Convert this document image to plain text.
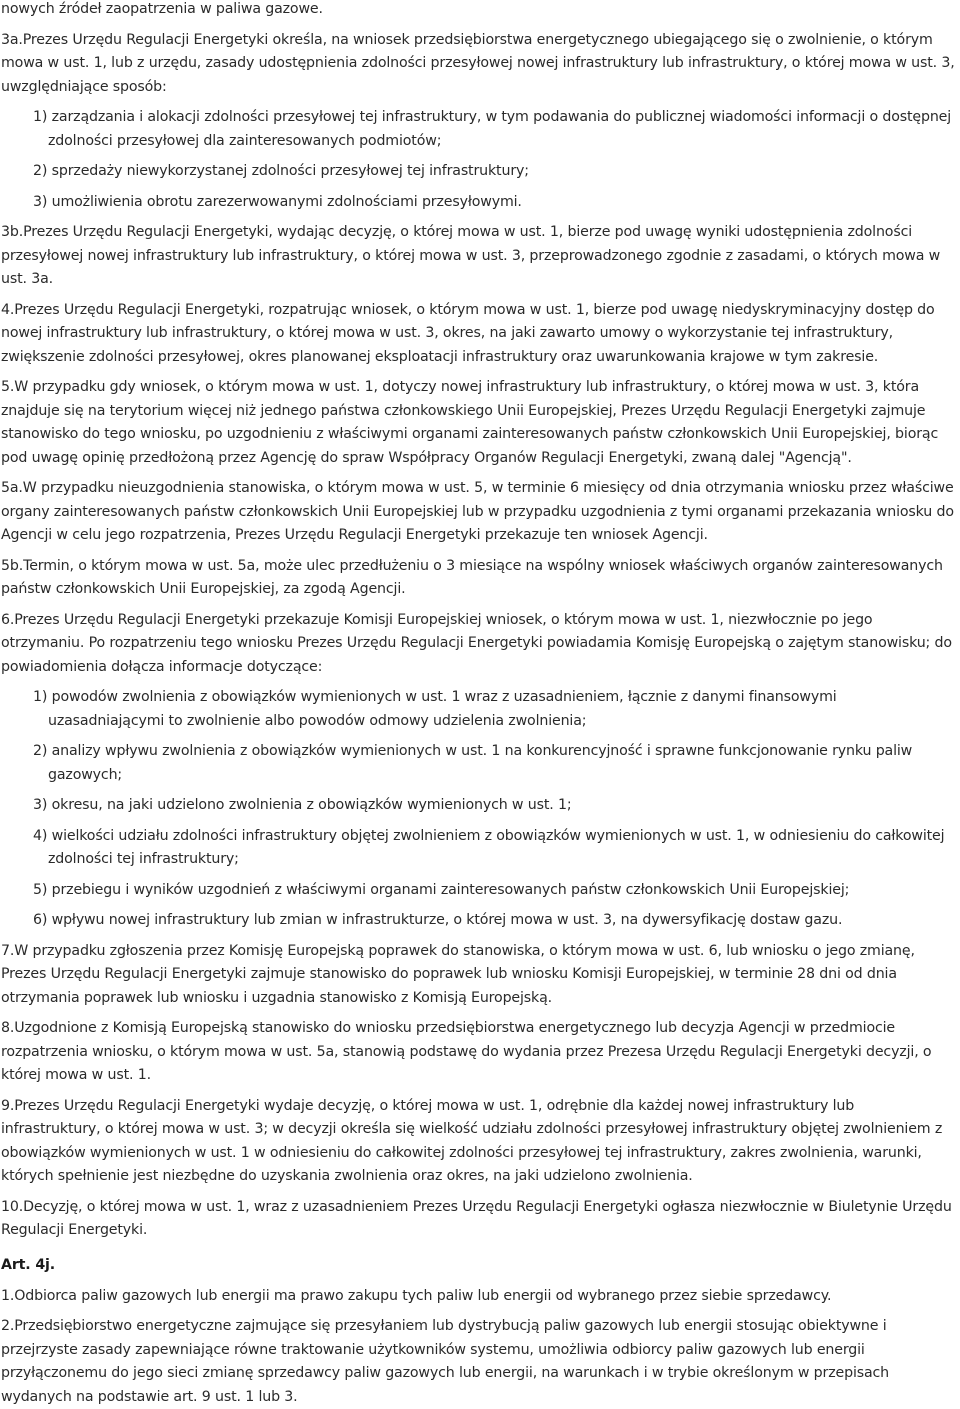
nowych źródeł zaopatrzenia w paliwa gazowe.

3a.Prezes Urzędu Regulacji Energetyki określa, na wniosek przedsiębiorstwa energetycznego ubiegającego się o zwolnienie, o którym mowa w ust. 1, lub z urzędu, zasady udostępnienia zdolności przesyłowej nowej infrastruktury lub infrastruktury, o której mowa w ust. 3, uwzględniające sposób:

1) zarządzania i alokacji zdolności przesyłowej tej infrastruktury, w tym podawania do publicznej wiadomości informacji o dostępnej zdolności przesyłowej dla zainteresowanych podmiotów;

2) sprzedaży niewykorzystanej zdolności przesyłowej tej infrastruktury;

3) umożliwienia obrotu zarezerwowanymi zdolnościami przesyłowymi.

3b.Prezes Urzędu Regulacji Energetyki, wydając decyzję, o której mowa w ust. 1, bierze pod uwagę wyniki udostępnienia zdolności przesyłowej nowej infrastruktury lub infrastruktury, o której mowa w ust. 3, przeprowadzonego zgodnie z zasadami, o których mowa w ust. 3a.

4.Prezes Urzędu Regulacji Energetyki, rozpatrując wniosek, o którym mowa w ust. 1, bierze pod uwagę niedyskryminacyjny dostęp do nowej infrastruktury lub infrastruktury, o której mowa w ust. 3, okres, na jaki zawarto umowy o wykorzystanie tej infrastruktury, zwiększenie zdolności przesyłowej, okres planowanej eksploatacji infrastruktury oraz uwarunkowania krajowe w tym zakresie.

5.W przypadku gdy wniosek, o którym mowa w ust. 1, dotyczy nowej infrastruktury lub infrastruktury, o której mowa w ust. 3, która znajduje się na terytorium więcej niż jednego państwa członkowskiego Unii Europejskiej, Prezes Urzędu Regulacji Energetyki zajmuje stanowisko do tego wniosku, po uzgodnieniu z właściwymi organami zainteresowanych państw członkowskich Unii Europejskiej, biorąc pod uwagę opinię przedłożoną przez Agencję do spraw Współpracy Organów Regulacji Energetyki, zwaną dalej "Agencją".

5a.W przypadku nieuzgodnienia stanowiska, o którym mowa w ust. 5, w terminie 6 miesięcy od dnia otrzymania wniosku przez właściwe organy zainteresowanych państw członkowskich Unii Europejskiej lub w przypadku uzgodnienia z tymi organami przekazania wniosku do Agencji w celu jego rozpatrzenia, Prezes Urzędu Regulacji Energetyki przekazuje ten wniosek Agencji.

5b.Termin, o którym mowa w ust. 5a, może ulec przedłużeniu o 3 miesiące na wspólny wniosek właściwych organów zainteresowanych państw członkowskich Unii Europejskiej, za zgodą Agencji.

6.Prezes Urzędu Regulacji Energetyki przekazuje Komisji Europejskiej wniosek, o którym mowa w ust. 1, niezwłocznie po jego otrzymaniu. Po rozpatrzeniu tego wniosku Prezes Urzędu Regulacji Energetyki powiadamia Komisję Europejską o zajętym stanowisku; do powiadomienia dołącza informacje dotyczące:

1) powodów zwolnienia z obowiązków wymienionych w ust. 1 wraz z uzasadnieniem, łącznie z danymi finansowymi uzasadniającymi to zwolnienie albo powodów odmowy udzielenia zwolnienia;

2) analizy wpływu zwolnienia z obowiązków wymienionych w ust. 1 na konkurencyjność i sprawne funkcjonowanie rynku paliw gazowych;

3) okresu, na jaki udzielono zwolnienia z obowiązków wymienionych w ust. 1;

4) wielkości udziału zdolności infrastruktury objętej zwolnieniem z obowiązków wymienionych w ust. 1, w odniesieniu do całkowitej zdolności tej infrastruktury;

5) przebiegu i wyników uzgodnień z właściwymi organami zainteresowanych państw członkowskich Unii Europejskiej;

6) wpływu nowej infrastruktury lub zmian w infrastrukturze, o której mowa w ust. 3, na dywersyfikację dostaw gazu.

7.W przypadku zgłoszenia przez Komisję Europejską poprawek do stanowiska, o którym mowa w ust. 6, lub wniosku o jego zmianę, Prezes Urzędu Regulacji Energetyki zajmuje stanowisko do poprawek lub wniosku Komisji Europejskiej, w terminie 28 dni od dnia otrzymania poprawek lub wniosku i uzgadnia stanowisko z Komisją Europejską.

8.Uzgodnione z Komisją Europejską stanowisko do wniosku przedsiębiorstwa energetycznego lub decyzja Agencji w przedmiocie rozpatrzenia wniosku, o którym mowa w ust. 5a, stanowią podstawę do wydania przez Prezesa Urzędu Regulacji Energetyki decyzji, o której mowa w ust. 1.

9.Prezes Urzędu Regulacji Energetyki wydaje decyzję, o której mowa w ust. 1, odrębnie dla każdej nowej infrastruktury lub infrastruktury, o której mowa w ust. 3; w decyzji określa się wielkość udziału zdolności przesyłowej infrastruktury objętej zwolnieniem z obowiązków wymienionych w ust. 1 w odniesieniu do całkowitej zdolności przesyłowej tej infrastruktury, zakres zwolnienia, warunki, których spełnienie jest niezbędne do uzyskania zwolnienia oraz okres, na jaki udzielono zwolnienia.

10.Decyzję, o której mowa w ust. 1, wraz z uzasadnieniem Prezes Urzędu Regulacji Energetyki ogłasza niezwłocznie w Biuletynie Urzędu Regulacji Energetyki.

Art. 4j.

1.Odbiorca paliw gazowych lub energii ma prawo zakupu tych paliw lub energii od wybranego przez siebie sprzedawcy.

2.Przedsiębiorstwo energetyczne zajmujące się przesyłaniem lub dystrybucją paliw gazowych lub energii stosując obiektywne i przejrzyste zasady zapewniające równe traktowanie użytkowników systemu, umożliwia odbiorcy paliw gazowych lub energii przyłączonemu do jego sieci zmianę sprzedawcy paliw gazowych lub energii, na warunkach i w trybie określonym w przepisach wydanych na podstawie art. 9 ust. 1 lub 3.
